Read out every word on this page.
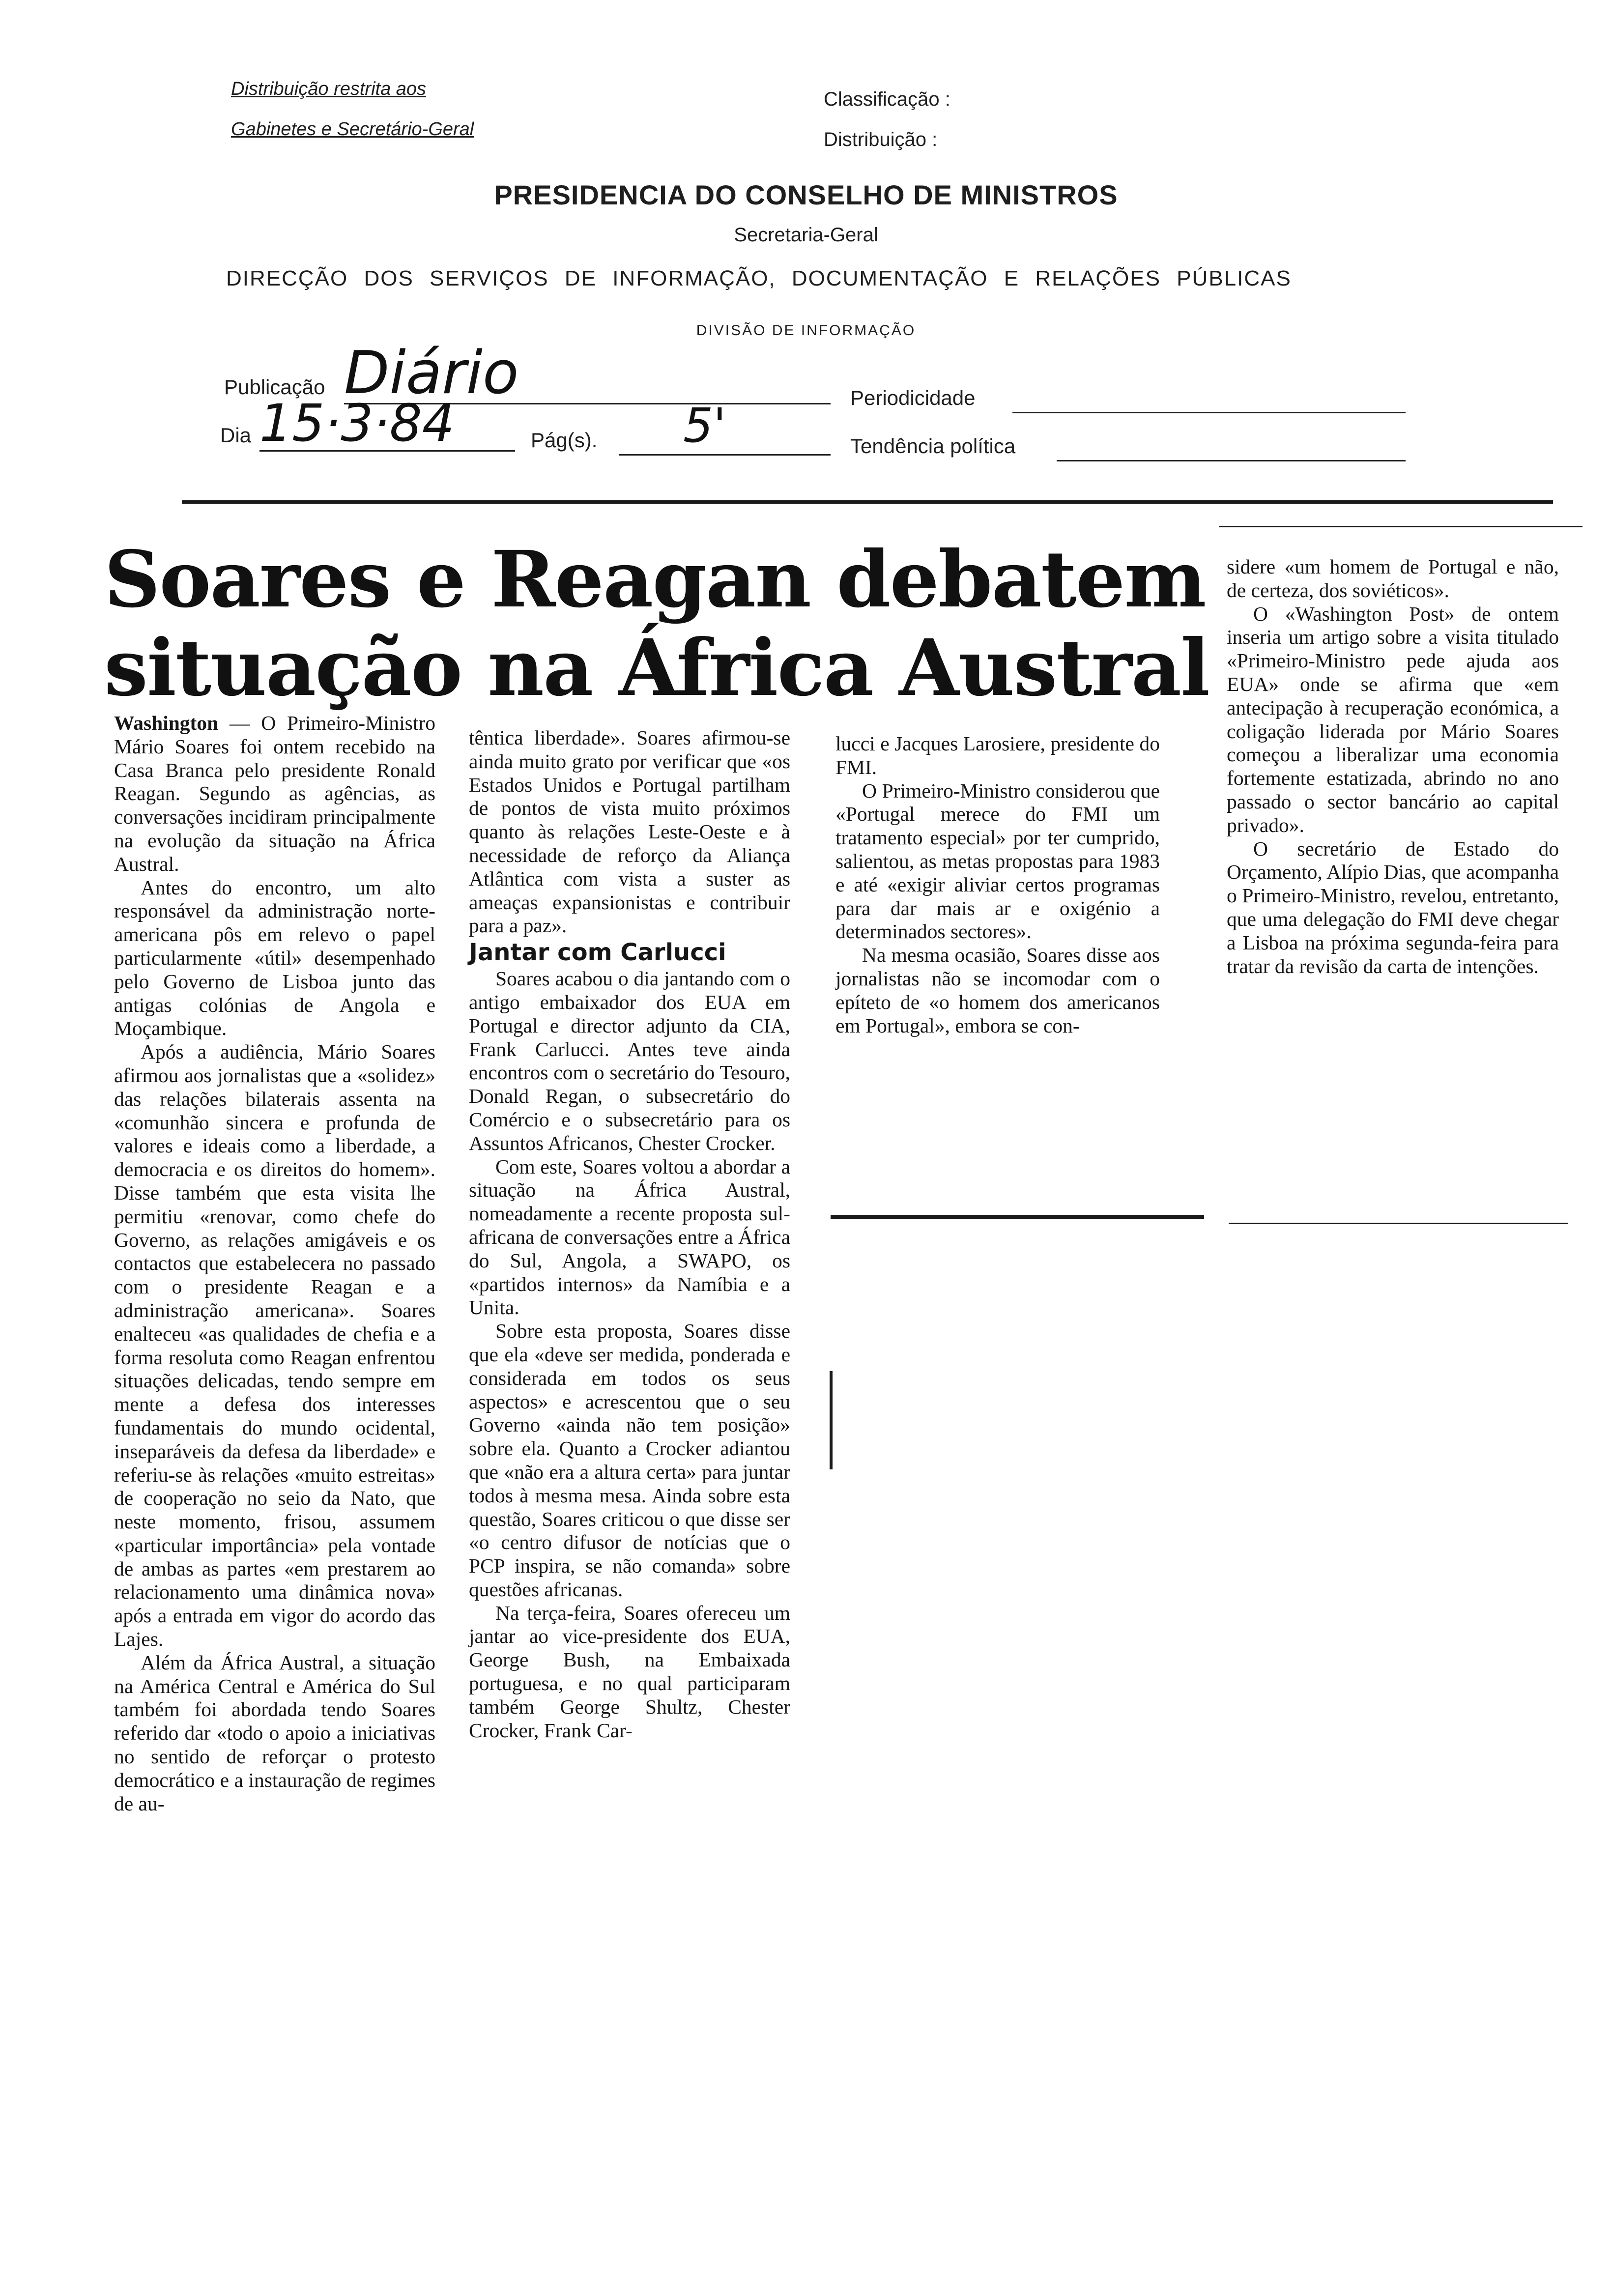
Distribuição restrita aos
Gabinetes e Secretário-Geral
Classificação :
Distribuição :
PRESIDENCIA DO CONSELHO DE MINISTROS
Secretaria-Geral
DIRECÇÃO DOS SERVIÇOS DE INFORMAÇÃO, DOCUMENTAÇÃO E RELAÇÕES PÚBLICAS
DIVISÃO DE INFORMAÇÃO
Publicação Diário	Periodicidade
Dia 15·3·84	Pág(s). 5'	Tendência política
Soares e Reagan debatem
situação na África Austral

Washington — O Primeiro-Ministro Mário Soares foi ontem recebido na Casa Branca pelo presidente Ronald Reagan. Segundo as agências, as conversações incidiram principalmente na evolução da situação na África Austral.

Antes do encontro, um alto responsável da administração norte-americana pôs em relevo o papel particularmente «útil» desempenhado pelo Governo de Lisboa junto das antigas colónias de Angola e Moçambique.

Após a audiência, Mário Soares afirmou aos jornalistas que a «solidez» das relações bilaterais assenta na «comunhão sincera e profunda de valores e ideais como a liberdade, a democracia e os direitos do homem». Disse também que esta visita lhe permitiu «renovar, como chefe do Governo, as relações amigáveis e os contactos que estabelecera no passado com o presidente Reagan e a administração americana». Soares enalteceu «as qualidades de chefia e a forma resoluta como Reagan enfrentou situações delicadas, tendo sempre em mente a defesa dos interesses fundamentais do mundo ocidental, inseparáveis da defesa da liberdade» e referiu-se às relações «muito estreitas» de cooperação no seio da Nato, que neste momento, frisou, assumem «particular importância» pela vontade de ambas as partes «em prestarem ao relacionamento uma dinâmica nova» após a entrada em vigor do acordo das Lajes.

Além da África Austral, a situação na América Central e América do Sul também foi abordada tendo Soares referido dar «todo o apoio a iniciativas no sentido de reforçar o protesto democrático e a instauração de regimes de au-

têntica liberdade». Soares afirmou-se ainda muito grato por verificar que «os Estados Unidos e Portugal partilham de pontos de vista muito próximos quanto às relações Leste-Oeste e à necessidade de reforço da Aliança Atlântica com vista a suster as ameaças expansionistas e contribuir para a paz».

Jantar com Carlucci

Soares acabou o dia jantando com o antigo embaixador dos EUA em Portugal e director adjunto da CIA, Frank Carlucci. Antes teve ainda encontros com o secretário do Tesouro, Donald Regan, o subsecretário do Comércio e o subsecretário para os Assuntos Africanos, Chester Crocker.

Com este, Soares voltou a abordar a situação na África Austral, nomeadamente a recente proposta sul-africana de conversações entre a África do Sul, Angola, a SWAPO, os «partidos internos» da Namíbia e a Unita.

Sobre esta proposta, Soares disse que ela «deve ser medida, ponderada e considerada em todos os seus aspectos» e acrescentou que o seu Governo «ainda não tem posição» sobre ela. Quanto a Crocker adiantou que «não era a altura certa» para juntar todos à mesma mesa. Ainda sobre esta questão, Soares criticou o que disse ser «o centro difusor de notícias que o PCP inspira, se não comanda» sobre questões africanas.

Na terça-feira, Soares ofereceu um jantar ao vice-presidente dos EUA, George Bush, na Embaixada portuguesa, e no qual participaram também George Shultz, Chester Crocker, Frank Car-

lucci e Jacques Larosiere, presidente do FMI.

O Primeiro-Ministro considerou que «Portugal merece do FMI um tratamento especial» por ter cumprido, salientou, as metas propostas para 1983 e até «exigir aliviar certos programas para dar mais ar e oxigénio a determinados sectores».

Na mesma ocasião, Soares disse aos jornalistas não se incomodar com o epíteto de «o homem dos americanos em Portugal», embora se con-

sidere «um homem de Portugal e não, de certeza, dos soviéticos».

O «Washington Post» de ontem inseria um artigo sobre a visita titulado «Primeiro-Ministro pede ajuda aos EUA» onde se afirma que «em antecipação à recuperação económica, a coligação liderada por Mário Soares começou a liberalizar uma economia fortemente estatizada, abrindo no ano passado o sector bancário ao capital privado».

O secretário de Estado do Orçamento, Alípio Dias, que acompanha o Primeiro-Ministro, revelou, entretanto, que uma delegação do FMI deve chegar a Lisboa na próxima segunda-feira para tratar da revisão da carta de intenções.
